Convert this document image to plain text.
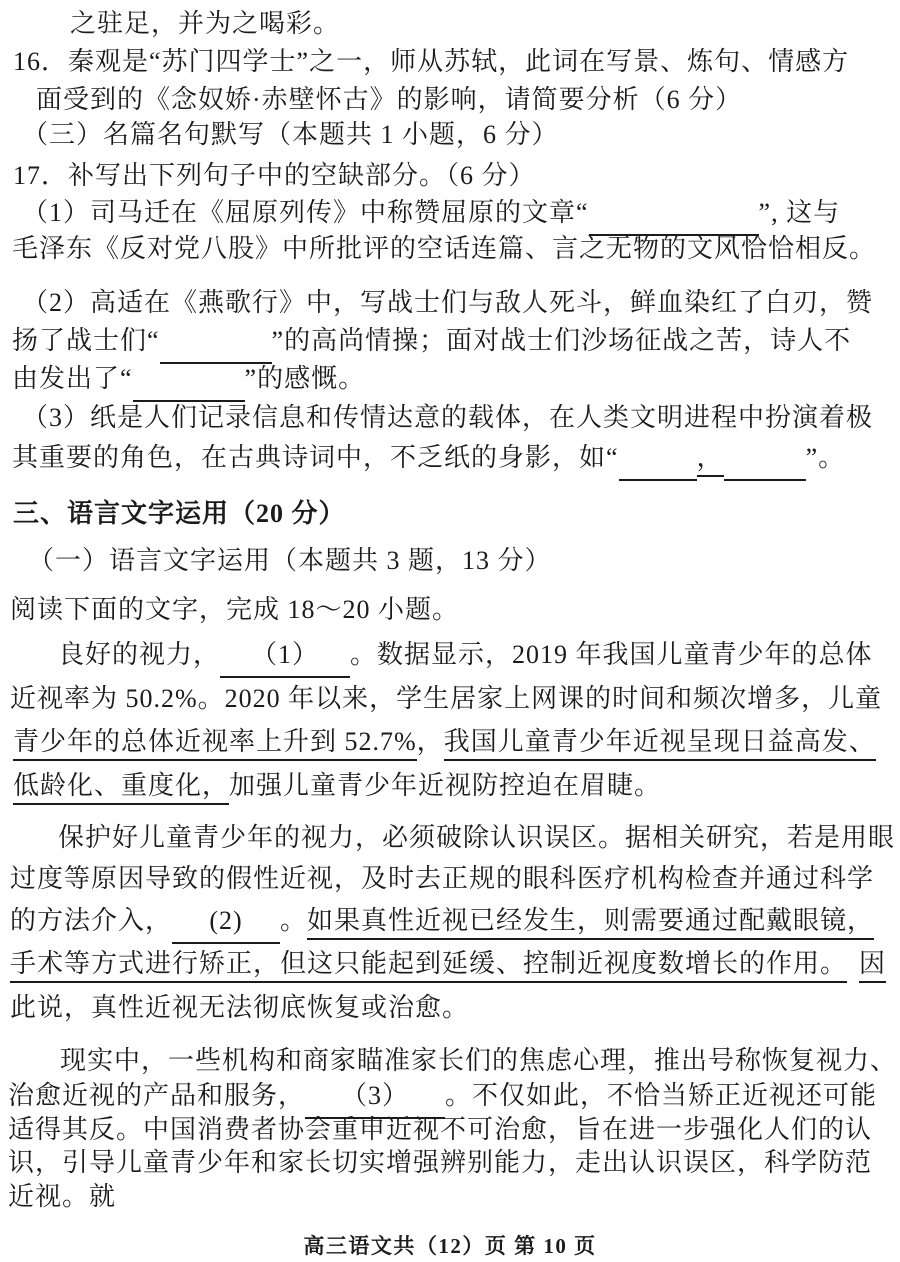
之驻足，并为之喝彩。
16．秦观是“苏门四学士”之一，师从苏轼，此词在写景、炼句、情感方
面受到的《念奴娇·赤壁怀古》的影响，请简要分析（6 分）
（三）名篇名句默写（本题共 1 小题，6 分）
17．补写出下列句子中的空缺部分。（6 分）
（1）司马迁在《屈原列传》中称赞屈原的文章“	”, 这与
毛泽东《反对党八股》中所批评的空话连篇、言之无物的文风恰恰相反。
（2）高适在《燕歌行》中，写战士们与敌人死斗，鲜血染红了白刃，赞
扬了战士们“	”的高尚情操；面对战士们沙场征战之苦，诗人不
由发出了“	”的感慨。
（3）纸是人们记录信息和传情达意的载体，在人类文明进程中扮演着极
其重要的角色，在古典诗词中，不乏纸的身影，如“	，	”。
三、语言文字运用（20 分）
（一）语言文字运用（本题共 3 题，13 分）
阅读下面的文字，完成 18～20 小题。
良好的视力， （1） 。数据显示，2019 年我国儿童青少年的总体
近视率为 50.2%。2020 年以来，学生居家上网课的时间和频次增多，儿童
青少年的总体近视率上升到 52.7%，我国儿童青少年近视呈现日益高发、
低龄化、重度化，加强儿童青少年近视防控迫在眉睫。
保护好儿童青少年的视力，必须破除认识误区。据相关研究，若是用眼
过度等原因导致的假性近视，及时去正规的眼科医疗机构检查并通过科学
的方法介入， (2) 。如果真性近视已经发生，则需要通过配戴眼镜，
手术等方式进行矫正，但这只能起到延缓、控制近视度数增长的作用。 因
此说，真性近视无法彻底恢复或治愈。
现实中，一些机构和商家瞄准家长们的焦虑心理，推出号称恢复视力、
治愈近视的产品和服务， （3） 。不仅如此，不恰当矫正近视还可能
适得其反。中国消费者协会重申近视不可治愈，旨在进一步强化人们的认
识，引导儿童青少年和家长切实增强辨别能力，走出认识误区，科学防范
近视。就
高三语文共（12）页 第 10 页
